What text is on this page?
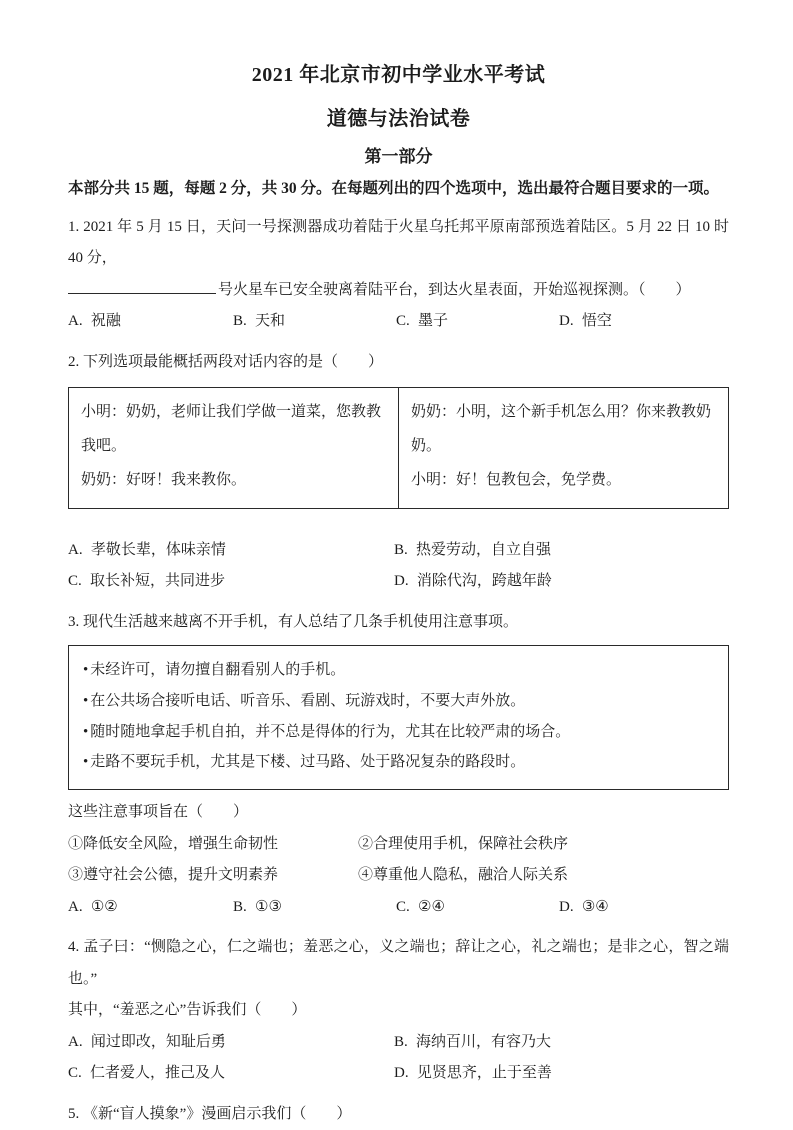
2021 年北京市初中学业水平考试
道德与法治试卷
第一部分

本部分共 15 题，每题 2 分，共 30 分。在每题列出的四个选项中，选出最符合题目要求的一项。

1. 2021 年 5 月 15 日，天问一号探测器成功着陆于火星乌托邦平原南部预选着陆区。5 月 22 日 10 时 40 分，

号火星车已安全驶离着陆平台，到达火星表面，开始巡视探测。（　　）

A. 祝融	B. 天和	C. 墨子	D. 悟空

2. 下列选项最能概括两段对话内容的是（　　）

小明：奶奶，老师让我们学做一道菜，您教教我吧。

奶奶：好呀！我来教你。

奶奶：小明，这个新手机怎么用？你来教教奶奶。

小明：好！包教包会，免学费。

A. 孝敬长辈，体味亲情	B. 热爱劳动，自立自强
C. 取长补短，共同进步	D. 消除代沟，跨越年龄

3. 现代生活越来越离不开手机，有人总结了几条手机使用注意事项。

• 未经许可，请勿擅自翻看别人的手机。

• 在公共场合接听电话、听音乐、看剧、玩游戏时，不要大声外放。

• 随时随地拿起手机自拍，并不总是得体的行为，尤其在比较严肃的场合。

• 走路不要玩手机，尤其是下楼、过马路、处于路况复杂的路段时。

这些注意事项旨在（　　）

①降低安全风险，增强生命韧性	②合理使用手机，保障社会秩序
③遵守社会公德，提升文明素养	④尊重他人隐私，融洽人际关系
A. ①②	B. ①③	C. ②④	D. ③④

4. 孟子曰：“恻隐之心，仁之端也；羞恶之心，义之端也；辞让之心，礼之端也；是非之心，智之端也。”

其中，“羞恶之心”告诉我们（　　）

A. 闻过即改，知耻后勇	B. 海纳百川，有容乃大
C. 仁者爱人，推己及人	D. 见贤思齐，止于至善

5. 《新“盲人摸象”》漫画启示我们（　　）
